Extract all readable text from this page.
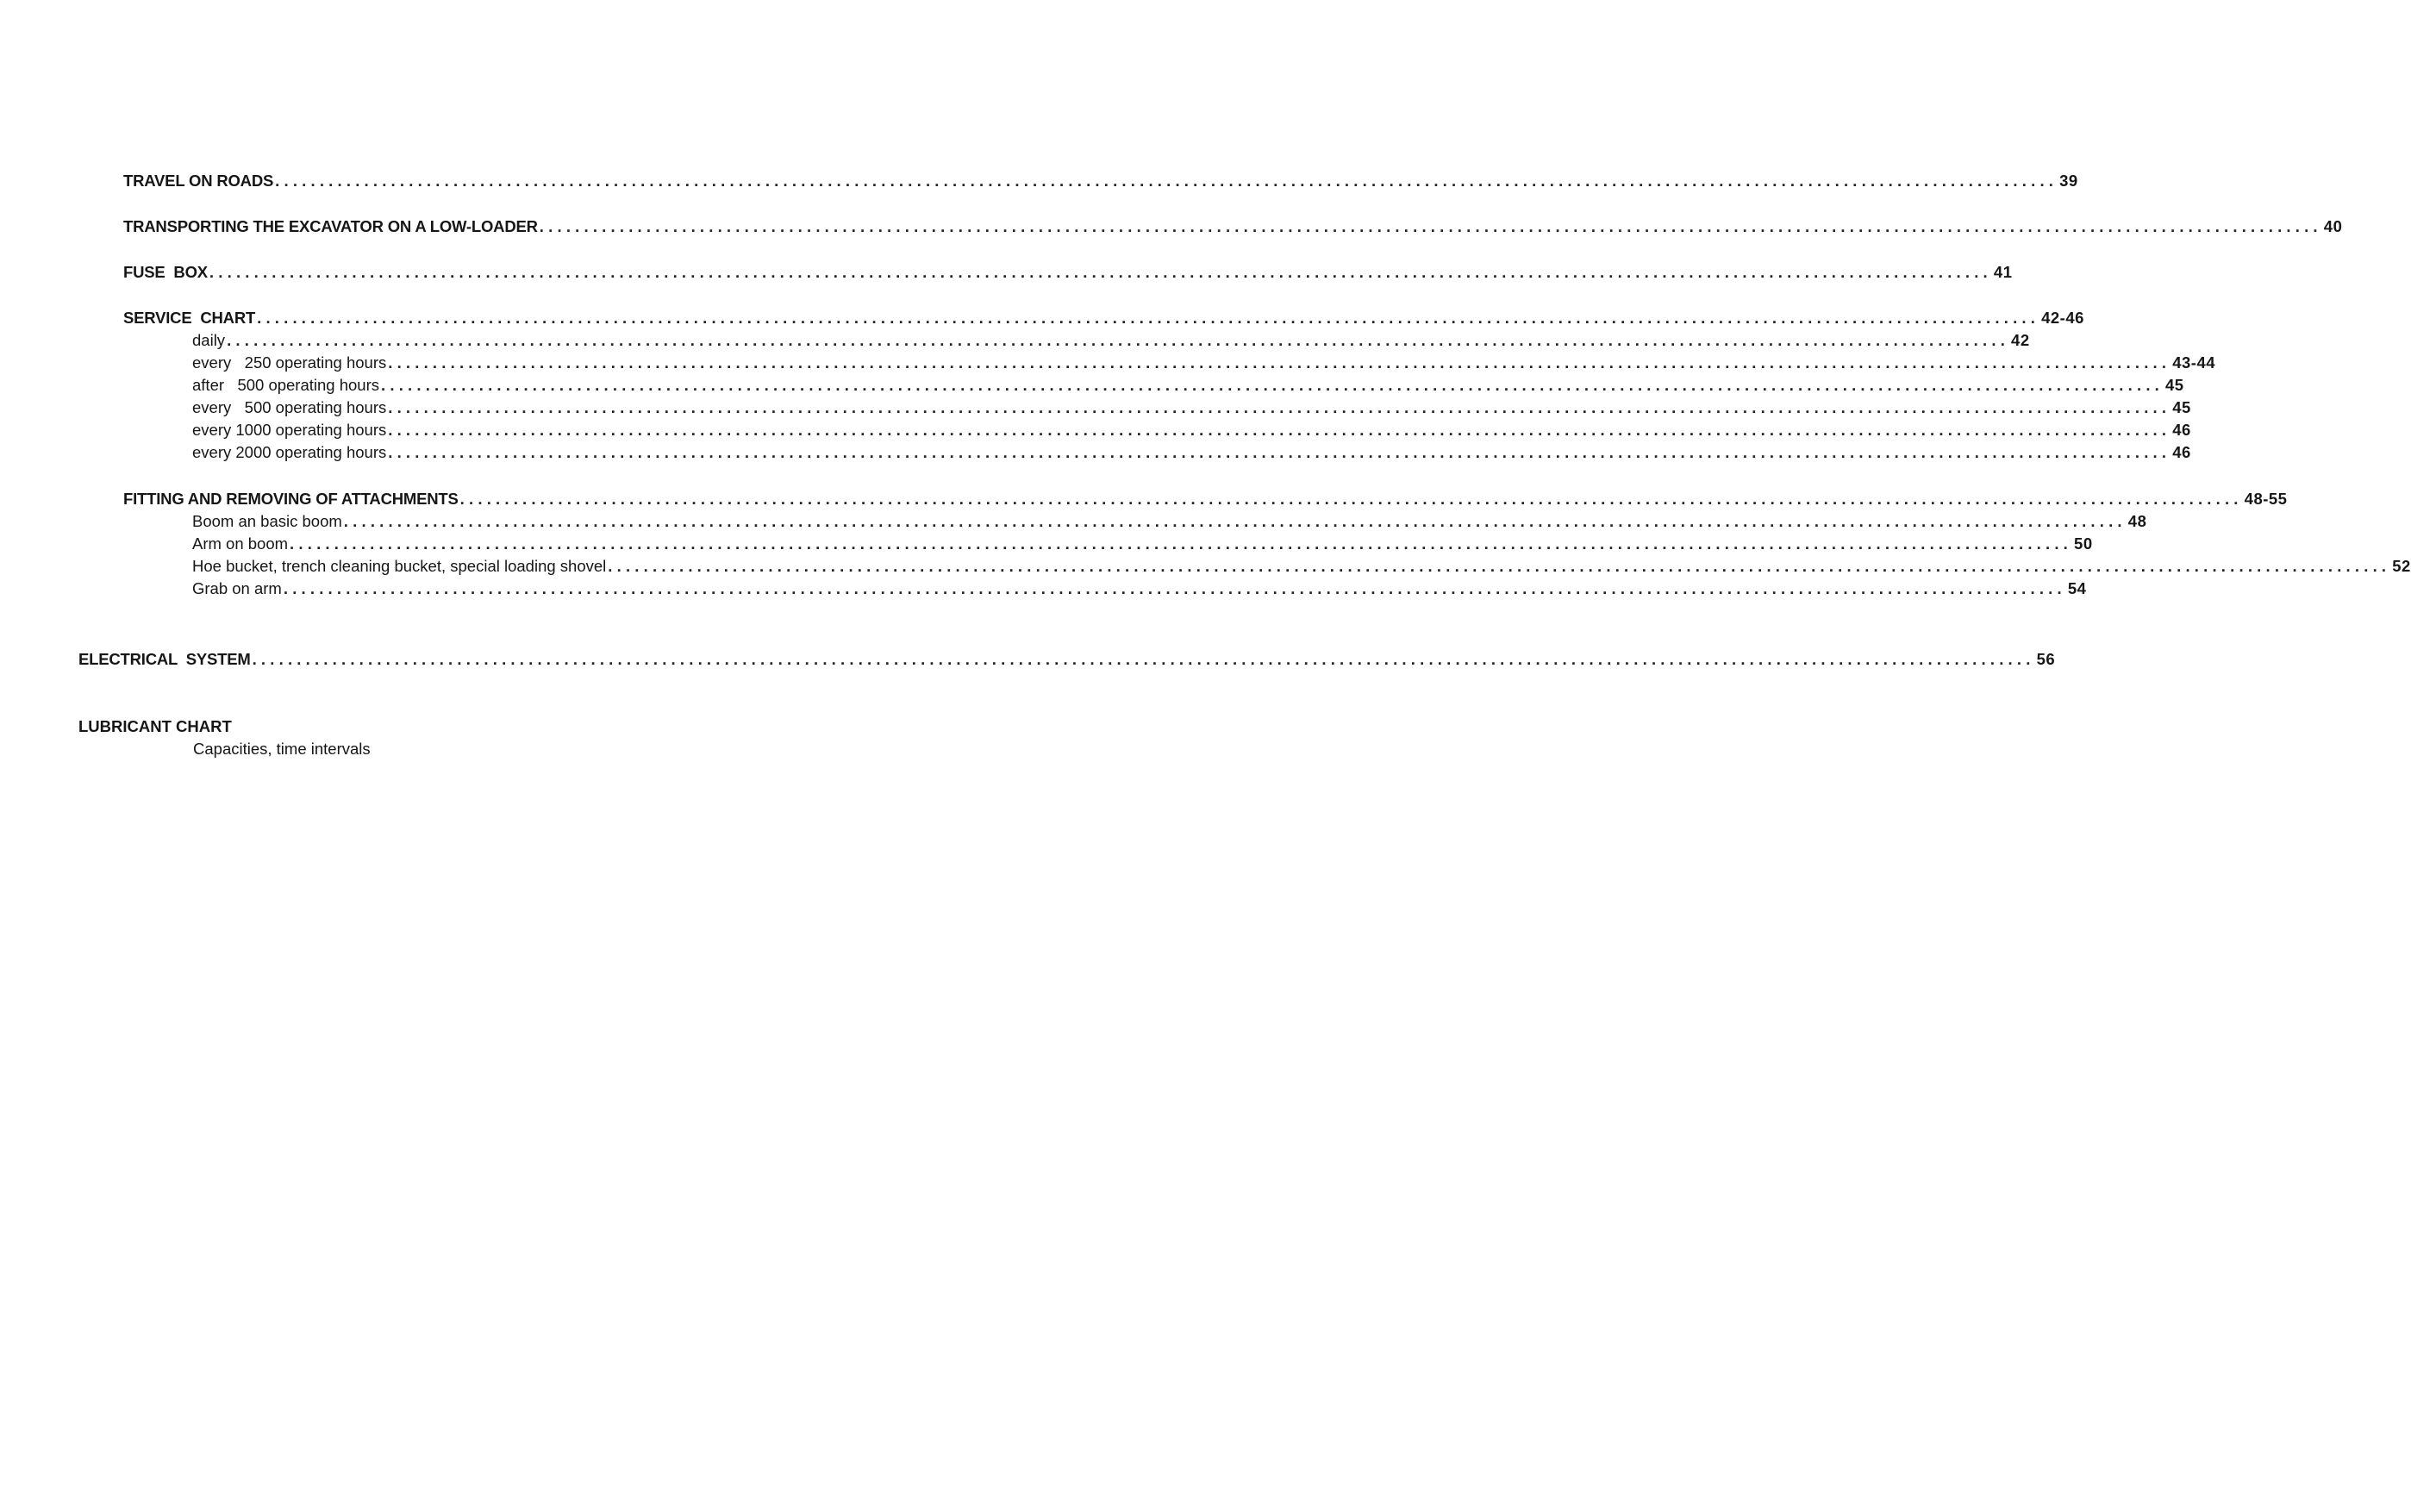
TRAVEL ON ROADS ........................................................................................................................................................................................................ 39
TRANSPORTING THE EXCAVATOR ON A LOW-LOADER ........................................................................................................................................................................................................ 40
FUSE  BOX ........................................................................................................................................................................................................ 41
SERVICE  CHART ........................................................................................................................................................................................................ 42-46
daily ........................................................................................................................................................................................................ 42
every   250 operating hours ........................................................................................................................................................................................................ 43-44
after   500 operating hours ........................................................................................................................................................................................................ 45
every   500 operating hours ........................................................................................................................................................................................................ 45
every 1000 operating hours ........................................................................................................................................................................................................ 46
every 2000 operating hours ........................................................................................................................................................................................................ 46
FITTING AND REMOVING OF ATTACHMENTS ........................................................................................................................................................................................................ 48-55
Boom an basic boom ........................................................................................................................................................................................................ 48
Arm on boom ........................................................................................................................................................................................................ 50
Hoe bucket, trench cleaning bucket, special loading shovel ........................................................................................................................................................................................................ 52
Grab on arm ........................................................................................................................................................................................................ 54
ELECTRICAL  SYSTEM ........................................................................................................................................................................................................ 56
LUBRICANT CHART
Capacities, time intervals
